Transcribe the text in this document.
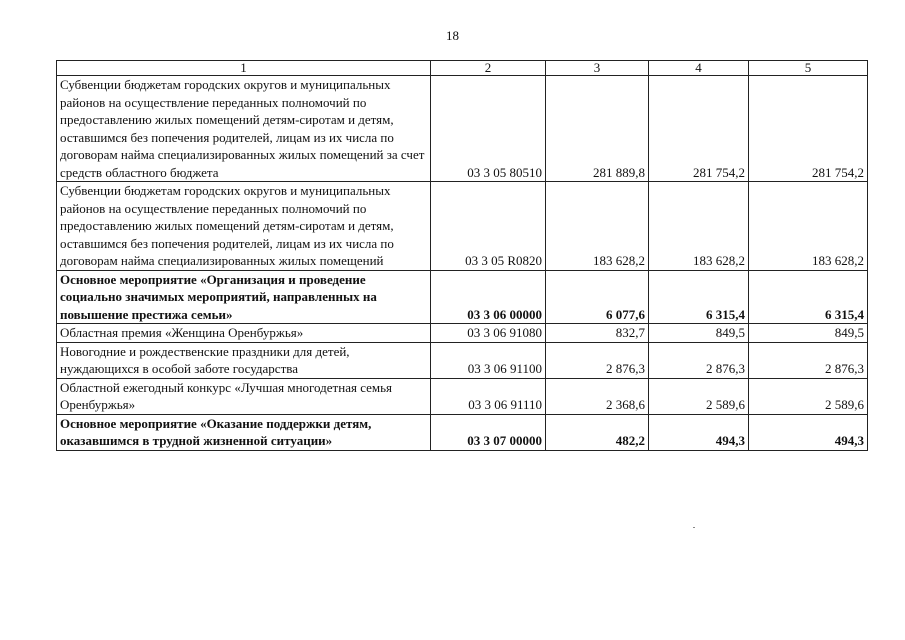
18
1	2	3	4	5
Субвенции бюджетам городских округов и муниципальных районов на осуществление переданных полномочий по предоставлению жилых помещений детям-сиротам и детям, оставшимся без попечения родителей, лицам из их числа по договорам найма специализированных жилых помещений за счет средств областного бюджета	03 3 05 80510	281 889,8	281 754,2	281 754,2
Субвенции бюджетам городских округов и муниципальных районов на осуществление переданных полномочий по предоставлению жилых помещений детям-сиротам и детям, оставшимся без попечения родителей, лицам из их числа по договорам найма специализированных жилых помещений	03 3 05 R0820	183 628,2	183 628,2	183 628,2
Основное мероприятие «Организация и проведение социально значимых мероприятий, направленных на повышение престижа семьи»	03 3 06 00000	6 077,6	6 315,4	6 315,4
Областная премия «Женщина Оренбуржья»	03 3 06 91080	832,7	849,5	849,5
Новогодние и рождественские праздники для детей, нуждающихся в особой заботе государства	03 3 06 91100	2 876,3	2 876,3	2 876,3
Областной ежегодный конкурс «Лучшая многодетная семья Оренбуржья»	03 3 06 91110	2 368,6	2 589,6	2 589,6
Основное мероприятие «Оказание поддержки детям, оказавшимся в трудной жизненной ситуации»	03 3 07 00000	482,2	494,3	494,3
